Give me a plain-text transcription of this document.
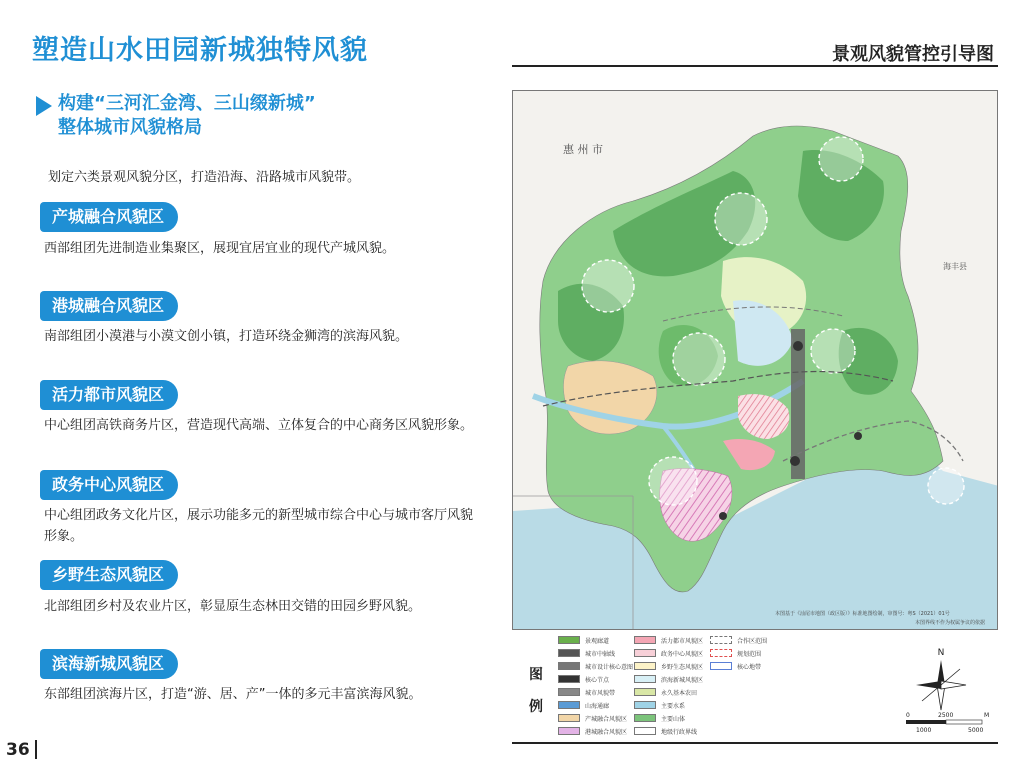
塑造山水田园新城独特风貌	景观风貌管控引导图
构建“三河汇金湾、三山缀新城”
整体城市风貌格局
划定六类景观风貌分区，打造沿海、沿路城市风貌带。
产城融合风貌区
西部组团先进制造业集聚区，展现宜居宜业的现代产城风貌。
港城融合风貌区
南部组团小漠港与小漠文创小镇，打造环绕金狮湾的滨海风貌。
活力都市风貌区
中心组团高铁商务片区，营造现代高端、立体复合的中心商务区风貌形象。
政务中心风貌区
中心组团政务文化片区，展示功能多元的新型城市综合中心与城市客厅风貌形象。
乡野生态风貌区
北部组团乡村及农业片区，彰显原生态林田交错的田园乡野风貌。
滨海新城风貌区
东部组团滨海片区，打造“游、居、产”一体的多元丰富滨海风貌。
36
惠 州 市
海丰县
本图基于《汕尾市地图（政区版）》标准地图绘制，审图号：粤S（2021）01号
本图界线不作为权属争议的依据
图
例
景观廊道
城市中轴线
城市设计核心意图
核心节点
城市风貌带
山海通廊
产城融合风貌区
港城融合风貌区
活力都市风貌区
政务中心风貌区
乡野生态风貌区
滨海新城风貌区
永久基本农田
主要水系
主要山体
地级行政界线
合作区范围
规划范围
核心地带
N
2500
0	M
1000	5000
